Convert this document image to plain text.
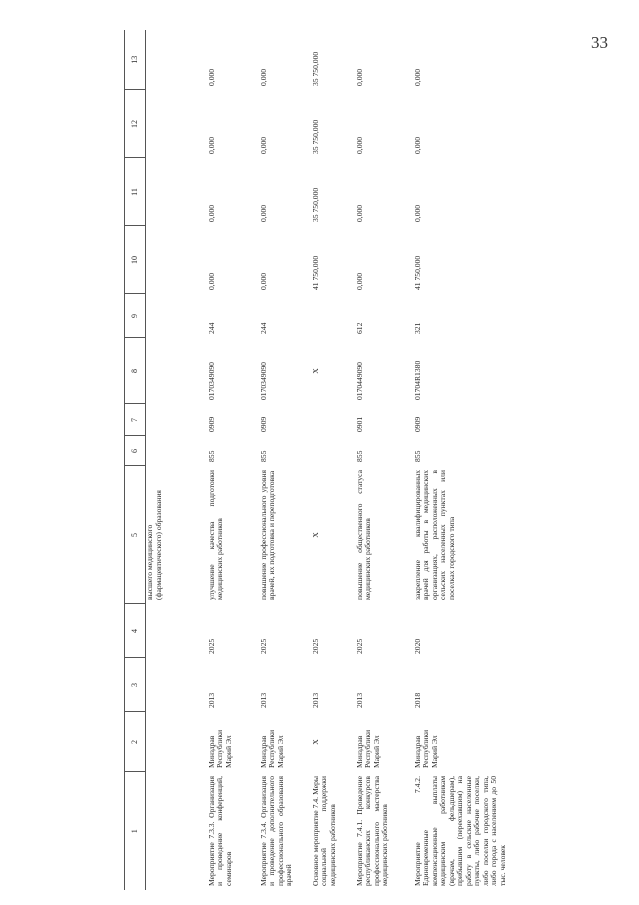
33
1	2	3	4	5	6	7	8	9	10	11	12	13
				высшего медицинского (фармацевтического) образования								
Мероприятие 7.3.3. Организация и проведение конференций, семинаров	Минздрав Республики Марий Эл	2013	2025	улучшение качества подготовки медицинских работников	855	0909	0170349090	244	0,000	0,000	0,000	0,000
Мероприятие 7.3.4. Организация и проведение дополнительного профессионального образования врачей	Минздрав Республики Марий Эл	2013	2025	повышение профессионального уровня врачей, их подготовка и переподготовка	855	0909	0170349090	244	0,000	0,000	0,000	0,000
Основное мероприятие 7.4. Меры социальной поддержки медицинских работников	Х	2013	2025	Х			Х		41 750,000	35 750,000	35 750,000	35 750,000
Мероприятие 7.4.1. Проведение республиканских конкурсов профессионального мастерства медицинских работников	Минздрав Республики Марий Эл	2013	2025	повышение общественного статуса медицинских работников	855	0901	0170449090	612	0,000	0,000	0,000	0,000
Мероприятие 7.4.2. Единовременные компенсационные выплаты медицинским работникам (врачам, фельдшерам), прибывшим (переехавшим) на работу в сельские населенные пункты, либо рабочие поселки, либо поселки городского типа, либо города с населением до 50 тыс. человек	Минздрав Республики Марий Эл	2018	2020	закрепление квалифицированных врачей для работы в медицинских организациях, расположенных в сельских населенных пунктах или поселках городского типа	855	0909	01704R1380	321	41 750,000	0,000	0,000	0,000
